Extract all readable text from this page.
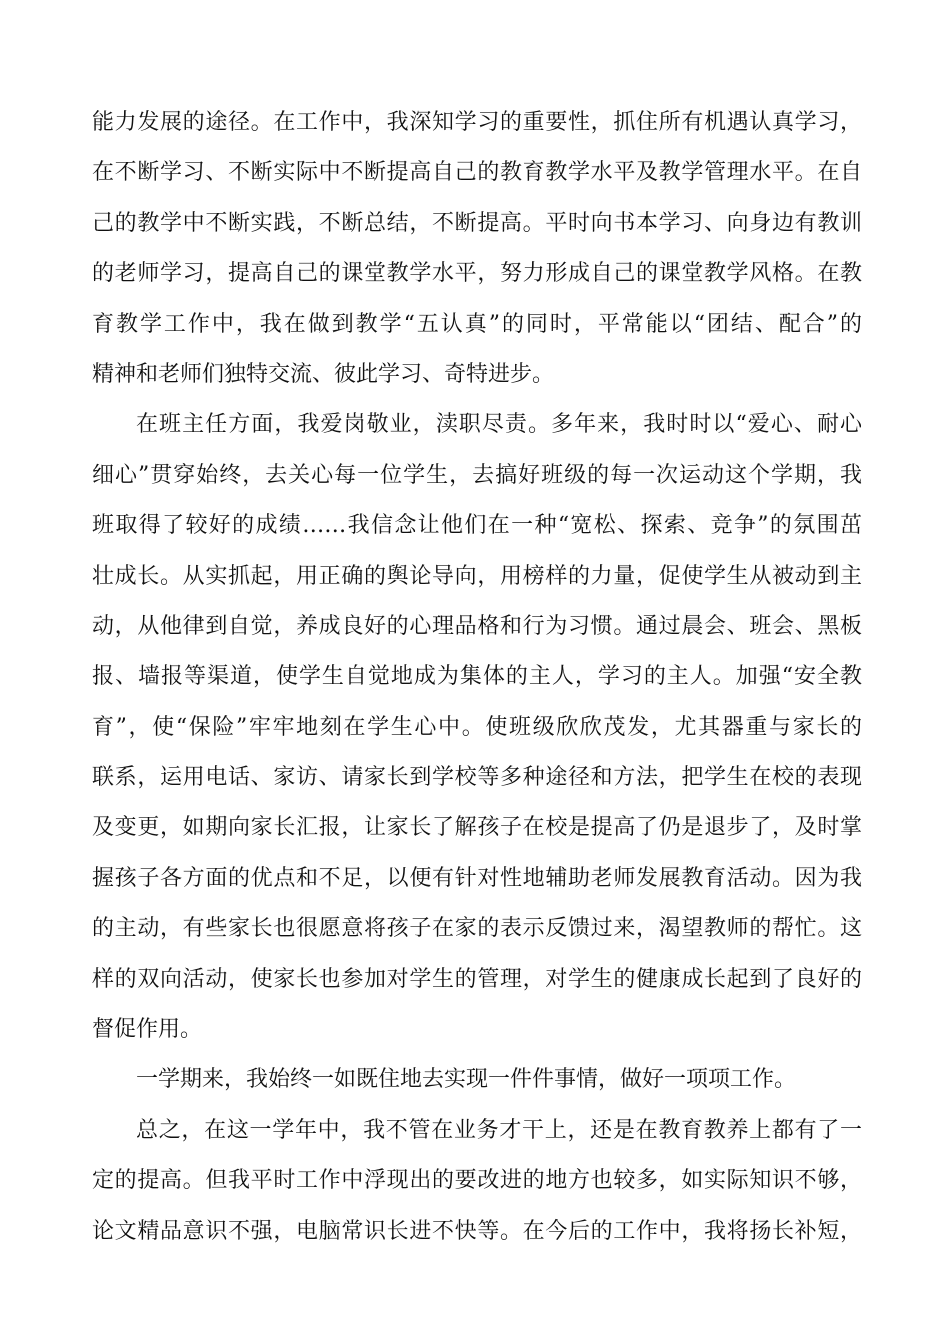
能力发展的途径。在工作中，我深知学习的重要性，抓住所有机遇认真学习，
在不断学习、不断实际中不断提高自己的教育教学水平及教学管理水平。在自
己的教学中不断实践，不断总结，不断提高。平时向书本学习、向身边有教训
的老师学习，提高自己的课堂教学水平，努力形成自己的课堂教学风格。在教
育教学工作中，我在做到教学“五认真”的同时，平常能以“团结、配合”的
精神和老师们独特交流、彼此学习、奇特进步。
在班主任方面，我爱岗敬业，渎职尽责。多年来，我时时以“爱心、耐心
细心”贯穿始终，去关心每一位学生，去搞好班级的每一次运动这个学期，我
班取得了较好的成绩……我信念让他们在一种“宽松、探索、竞争”的氛围茁
壮成长。从实抓起，用正确的舆论导向，用榜样的力量，促使学生从被动到主
动，从他律到自觉，养成良好的心理品格和行为习惯。通过晨会、班会、黑板
报、墙报等渠道，使学生自觉地成为集体的主人，学习的主人。加强“安全教
育”，使“保险”牢牢地刻在学生心中。使班级欣欣茂发，尤其器重与家长的
联系，运用电话、家访、请家长到学校等多种途径和方法，把学生在校的表现
及变更，如期向家长汇报，让家长了解孩子在校是提高了仍是退步了，及时掌
握孩子各方面的优点和不足，以便有针对性地辅助老师发展教育活动。因为我
的主动，有些家长也很愿意将孩子在家的表示反馈过来，渴望教师的帮忙。这
样的双向活动，使家长也参加对学生的管理，对学生的健康成长起到了良好的
督促作用。
一学期来，我始终一如既住地去实现一件件事情，做好一项项工作。
总之，在这一学年中，我不管在业务才干上，还是在教育教养上都有了一
定的提高。但我平时工作中浮现出的要改进的地方也较多，如实际知识不够，
论文精品意识不强，电脑常识长进不快等。在今后的工作中，我将扬长补短，
